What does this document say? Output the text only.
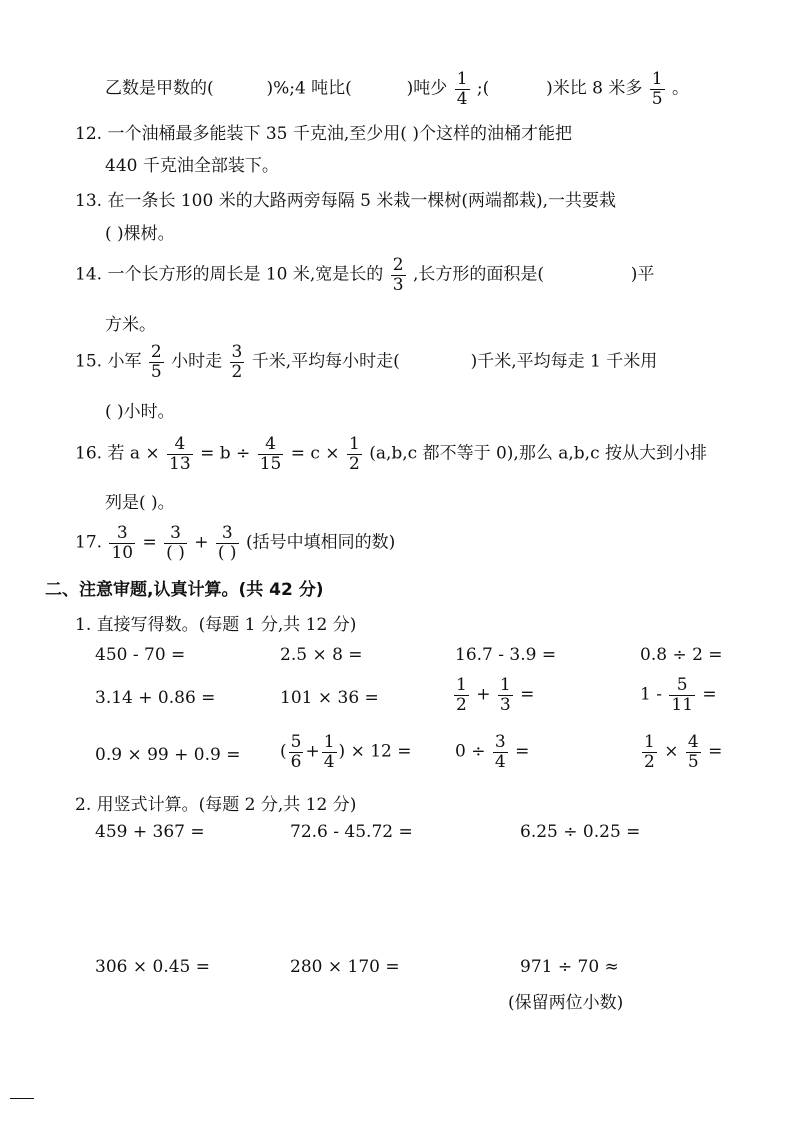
乙数是甲数的(	)%;4 吨比(	)吨少 $\frac{1}{4}$ ;(	)米比 8 米多 $\frac{1}{5}$ 。
12. 一个油桶最多能装下 35 千克油,至少用( )个这样的油桶才能把
440 千克油全部装下。
13. 在一条长 100 米的大路两旁每隔 5 米栽一棵树(两端都栽),一共要栽
( )棵树。
14. 一个长方形的周长是 10 米,宽是长的 $\frac{2}{3}$ ,长方形的面积是(	)平
方米。
15. 小军 $\frac{2}{5}$ 小时走 $\frac{3}{2}$ 千米,平均每小时走(	)千米,平均每走 1 千米用
( )小时。
16. 若 $a \times \frac{4}{13} = b \div \frac{4}{15} = c \times \frac{1}{2} (a,b,c$ 都不等于 0),那么 a,b,c 按从大到小排
列是( )。
17. $\frac{3}{10} = \frac{3}{( )} + \frac{3}{( )}$ (括号中填相同的数)
二、注意审题,认真计算。(共 42 分)
1. 直接写得数。(每题 1 分,共 12 分)
450 - 70 =	2.5 × 8 =	16.7 - 3.9 =	0.8 ÷ 2 =
3.14 + 0.86 =	101 × 36 =	$\frac{1}{2} + \frac{1}{3}$ =	$1 - \frac{5}{11}$ =
0.9 × 99 + 0.9 = ( $\frac{5}{6} + \frac{1}{4}$ ) × 12 =	$0 \div \frac{3}{4}$ =	$\frac{1}{2} \times \frac{4}{5}$ =
2. 用竖式计算。(每题 2 分,共 12 分)
459 + 367 =	72.6 - 45.72 =	6.25 ÷ 0.25 =
306 × 0.45 =	280 × 170 =	971 ÷ 70 ≈
(保留两位小数)
